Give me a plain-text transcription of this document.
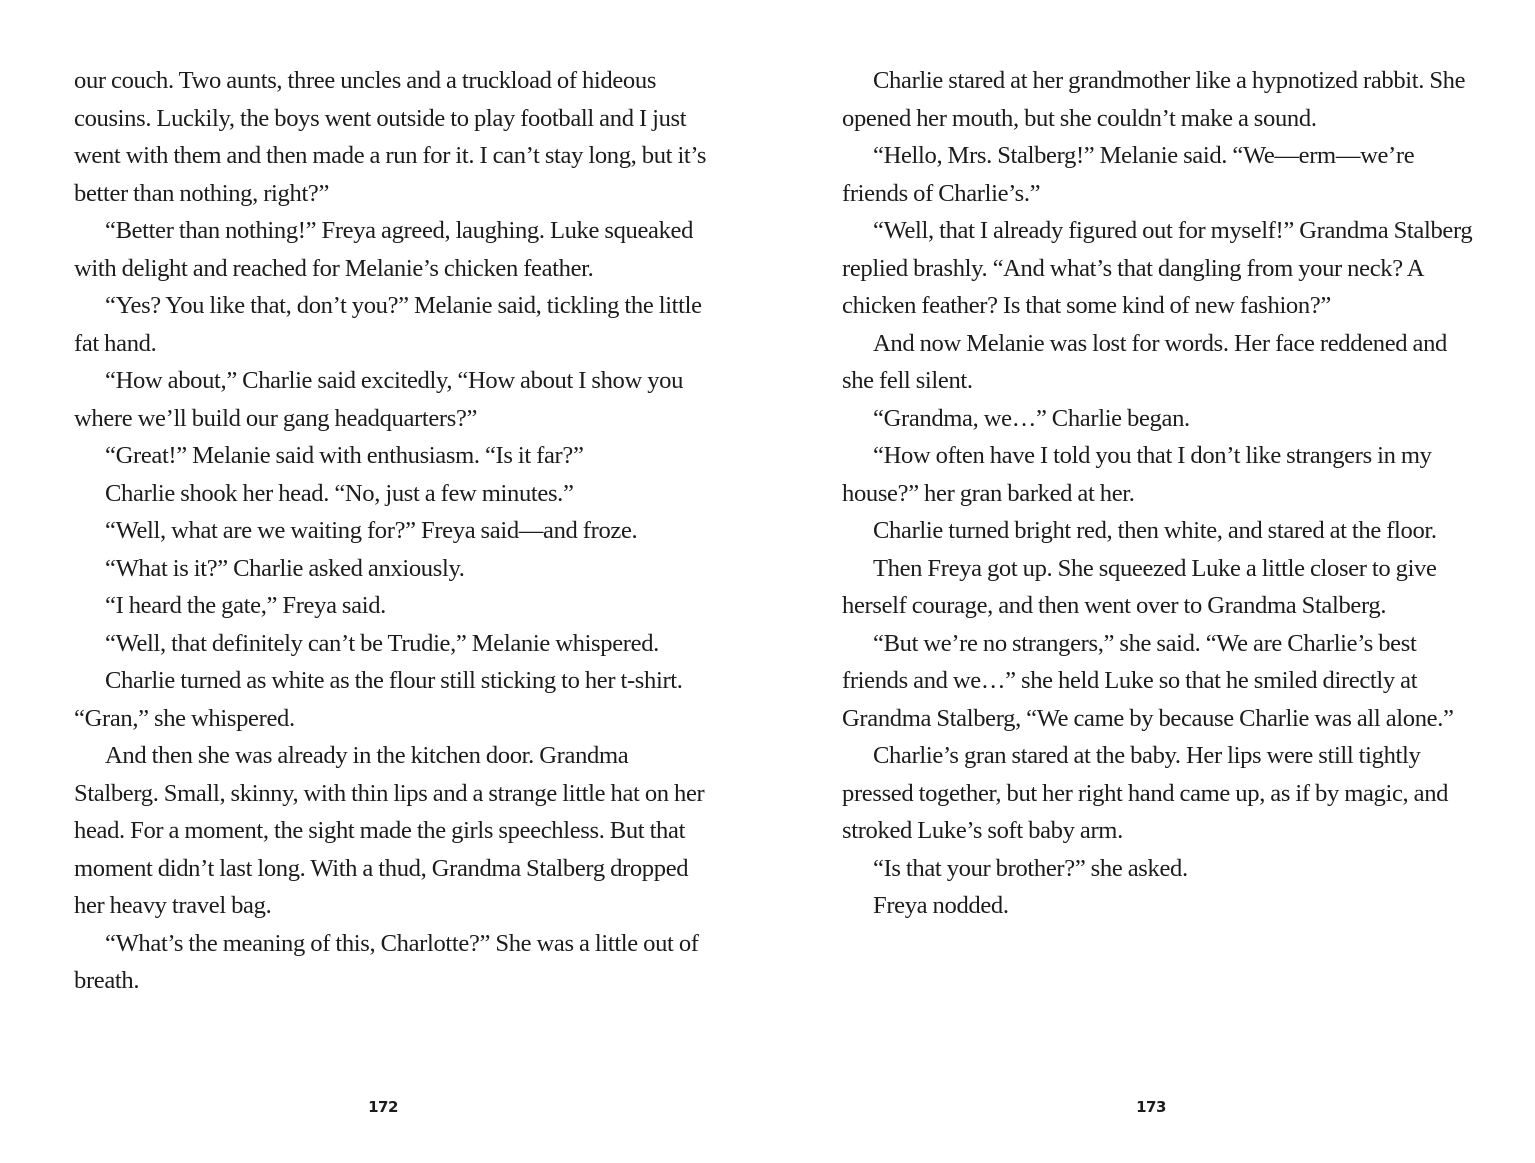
our couch. Two aunts, three uncles and a truckload of hideous cousins. Luckily, the boys went outside to play football and I just went with them and then made a run for it. I can’t stay long, but it’s better than nothing, right?”

“Better than nothing!” Freya agreed, laughing. Luke squeaked with delight and reached for Melanie’s chicken feather.

“Yes? You like that, don’t you?” Melanie said, tickling the little fat hand.

“How about,” Charlie said excitedly, “How about I show you where we’ll build our gang headquarters?”

“Great!” Melanie said with enthusiasm. “Is it far?”

Charlie shook her head. “No, just a few minutes.”

“Well, what are we waiting for?” Freya said—and froze.

“What is it?” Charlie asked anxiously.

“I heard the gate,” Freya said.

“Well, that definitely can’t be Trudie,” Melanie whispered.

Charlie turned as white as the flour still sticking to her t-shirt. “Gran,” she whispered.

And then she was already in the kitchen door. Grandma Stalberg. Small, skinny, with thin lips and a strange little hat on her head. For a moment, the sight made the girls speechless. But that moment didn’t last long. With a thud, Grandma Stalberg dropped her heavy travel bag.

“What’s the meaning of this, Charlotte?” She was a little out of breath.

Charlie stared at her grandmother like a hypnotized rabbit. She opened her mouth, but she couldn’t make a sound.

“Hello, Mrs. Stalberg!” Melanie said. “We—erm—we’re friends of Charlie’s.”

“Well, that I already figured out for myself!” Grandma Stalberg replied brashly. “And what’s that dangling from your neck? A chicken feather? Is that some kind of new fashion?”

And now Melanie was lost for words. Her face reddened and she fell silent.

“Grandma, we…” Charlie began.

“How often have I told you that I don’t like strangers in my house?” her gran barked at her.

Charlie turned bright red, then white, and stared at the floor.

Then Freya got up. She squeezed Luke a little closer to give herself courage, and then went over to Grandma Stalberg.

“But we’re no strangers,” she said. “We are Charlie’s best friends and we…” she held Luke so that he smiled directly at Grandma Stalberg, “We came by because Charlie was all alone.”

Charlie’s gran stared at the baby. Her lips were still tightly pressed together, but her right hand came up, as if by magic, and stroked Luke’s soft baby arm.

“Is that your brother?” she asked.

Freya nodded.

172	173
